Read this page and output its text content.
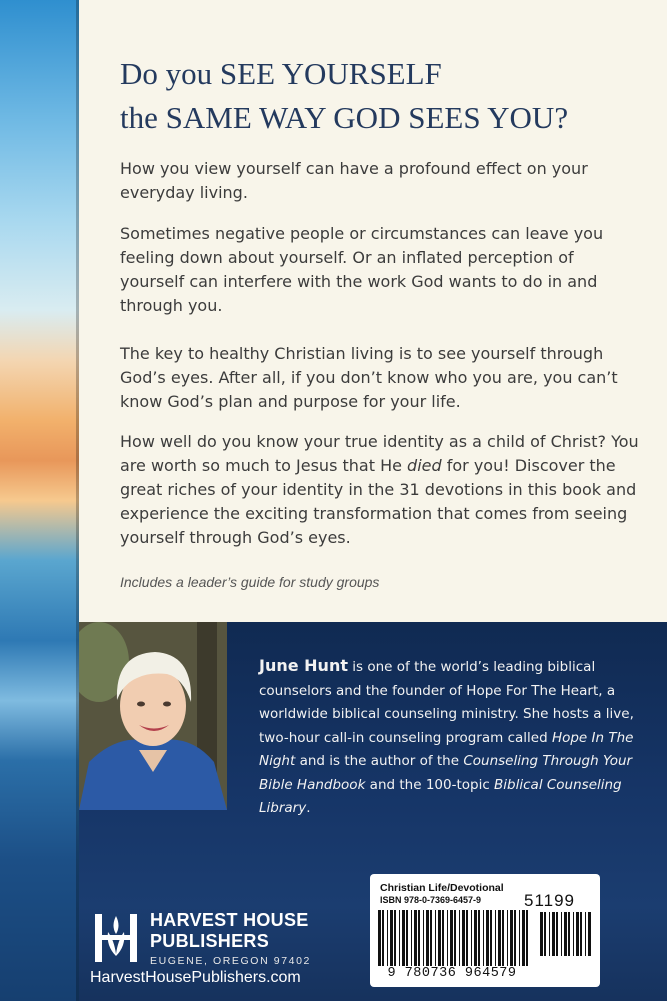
Do you SEE YOURSELF
the SAME WAY GOD SEES YOU?

How you view yourself can have a profound effect on your everyday living.

Sometimes negative people or circumstances can leave you feeling down about yourself. Or an inflated perception of yourself can interfere with the work God wants to do in and through you.

The key to healthy Christian living is to see yourself through God’s eyes. After all, if you don’t know who you are, you can’t know God’s plan and purpose for your life.

How well do you know your true identity as a child of Christ? You are worth so much to Jesus that He died for you! Discover the great riches of your identity in the 31 devotions in this book and experience the exciting transformation that comes from seeing yourself through God’s eyes.

Includes a leader’s guide for study groups

June Hunt is one of the world’s leading biblical counselors and the founder of Hope For The Heart, a worldwide biblical counseling ministry. She hosts a live, two-hour call-in counseling program called Hope In The Night and is the author of the Counseling Through Your Bible Handbook and the 100-topic Biblical Counseling Library.

HARVEST HOUSE
PUBLISHERS

EUGENE, OREGON 97402

HarvestHousePublishers.com

Christian Life/Devotional

ISBN 978-0-7369-6457-9	51199

9 780736 964579
